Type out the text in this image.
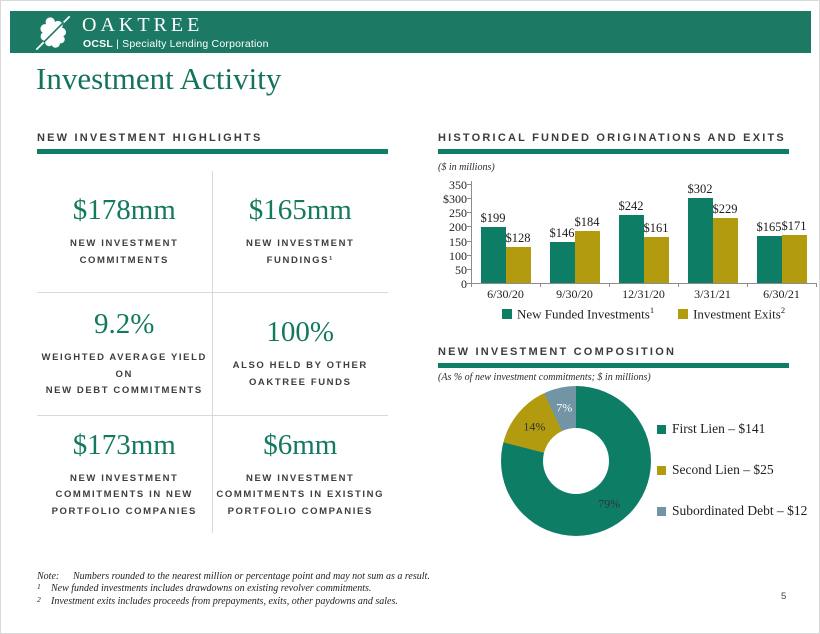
OAKTREE
OCSL | Specialty Lending Corporation
Investment Activity
NEW INVESTMENT HIGHLIGHTS
$178mm
NEW INVESTMENT
COMMITMENTS
$165mm
NEW INVESTMENT
FUNDINGS¹
9.2%
WEIGHTED AVERAGE YIELD ON
NEW DEBT COMMITMENTS
100%
ALSO HELD BY OTHER
OAKTREE FUNDS
$173mm
NEW INVESTMENT
COMMITMENTS IN NEW
PORTFOLIO COMPANIES
$6mm
NEW INVESTMENT
COMMITMENTS IN EXISTING
PORTFOLIO COMPANIES
HISTORICAL FUNDED ORIGINATIONS AND EXITS
($ in millions)
350
$300
250
200
150
100
50
0
$199
$128
6/30/20
$146
$184
9/30/20
$242
$161
12/31/20
$302
$229
3/31/21
$165 $171
6/30/21
New Funded Investments$^1$	Investment Exits$^2$
NEW INVESTMENT COMPOSITION
(As % of new investment commitments; $ in millions)
79%
14%
7%
First Lien – $141
Second Lien – $25
Subordinated Debt – $12
Note:	Numbers rounded to the nearest million or percentage point and may not sum as a result.
1	New funded investments includes drawdowns on existing revolver commitments.
2	Investment exits includes proceeds from prepayments, exits, other paydowns and sales.	5
